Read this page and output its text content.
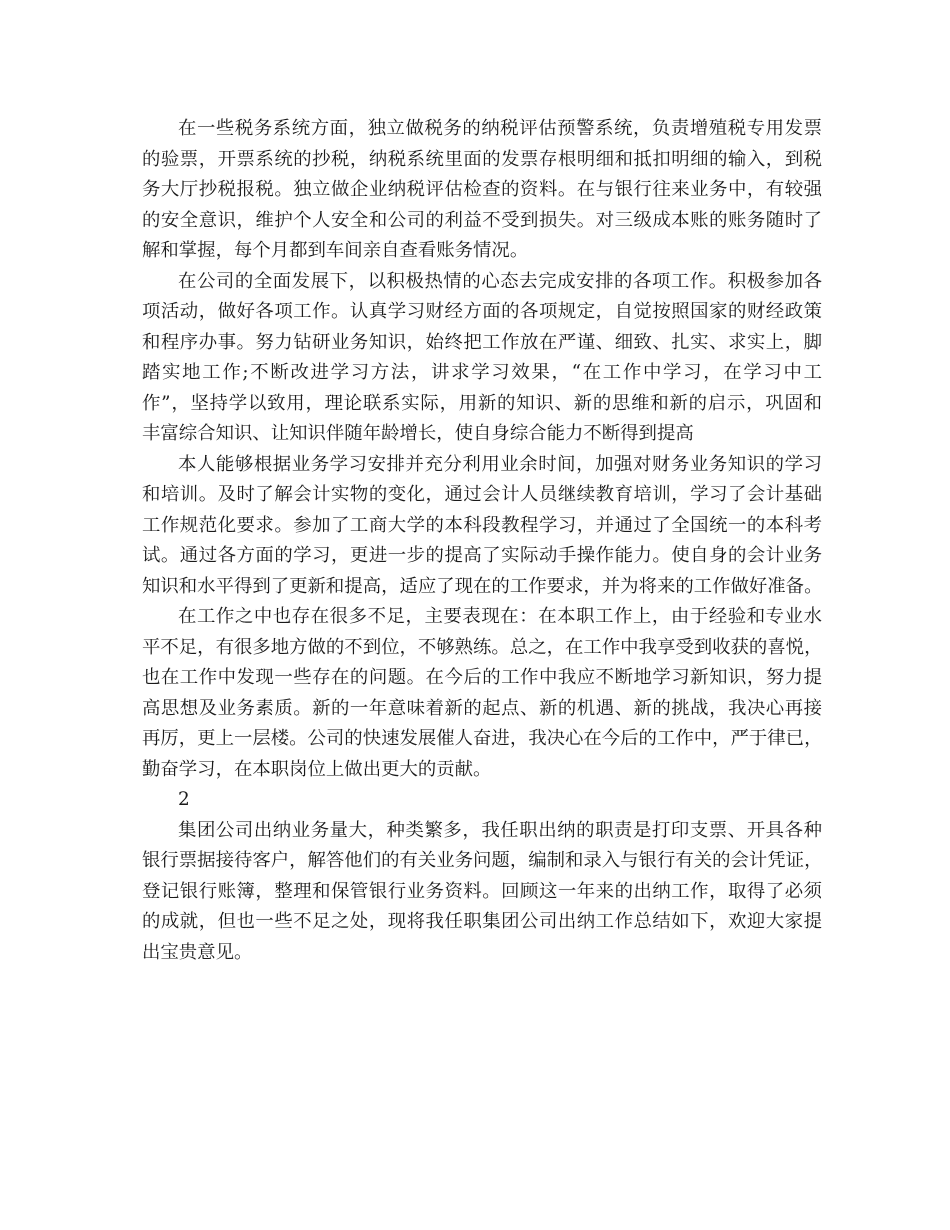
在一些税务系统方面，独立做税务的纳税评估预警系统，负责增殖税专用发票
的验票，开票系统的抄税，纳税系统里面的发票存根明细和抵扣明细的输入，到税
务大厅抄税报税。独立做企业纳税评估检查的资料。在与银行往来业务中，有较强
的安全意识，维护个人安全和公司的利益不受到损失。对三级成本账的账务随时了
解和掌握，每个月都到车间亲自查看账务情况。
在公司的全面发展下，以积极热情的心态去完成安排的各项工作。积极参加各
项活动，做好各项工作。认真学习财经方面的各项规定，自觉按照国家的财经政策
和程序办事。努力钻研业务知识，始终把工作放在严谨、细致、扎实、求实上，脚
踏实地工作;不断改进学习方法，讲求学习效果，“在工作中学习，在学习中工
作”，坚持学以致用，理论联系实际，用新的知识、新的思维和新的启示，巩固和
丰富综合知识、让知识伴随年龄增长，使自身综合能力不断得到提高
本人能够根据业务学习安排并充分利用业余时间，加强对财务业务知识的学习
和培训。及时了解会计实物的变化，通过会计人员继续教育培训，学习了会计基础
工作规范化要求。参加了工商大学的本科段教程学习，并通过了全国统一的本科考
试。通过各方面的学习，更进一步的提高了实际动手操作能力。使自身的会计业务
知识和水平得到了更新和提高，适应了现在的工作要求，并为将来的工作做好准备。
在工作之中也存在很多不足，主要表现在：在本职工作上，由于经验和专业水
平不足，有很多地方做的不到位，不够熟练。总之，在工作中我享受到收获的喜悦，
也在工作中发现一些存在的问题。在今后的工作中我应不断地学习新知识，努力提
高思想及业务素质。新的一年意味着新的起点、新的机遇、新的挑战，我决心再接
再厉，更上一层楼。公司的快速发展催人奋进，我决心在今后的工作中，严于律已，
勤奋学习，在本职岗位上做出更大的贡献。
2
集团公司出纳业务量大，种类繁多，我任职出纳的职责是打印支票、开具各种
银行票据接待客户，解答他们的有关业务问题，编制和录入与银行有关的会计凭证，
登记银行账簿，整理和保管银行业务资料。回顾这一年来的出纳工作，取得了必须
的成就，但也一些不足之处，现将我任职集团公司出纳工作总结如下，欢迎大家提
出宝贵意见。
